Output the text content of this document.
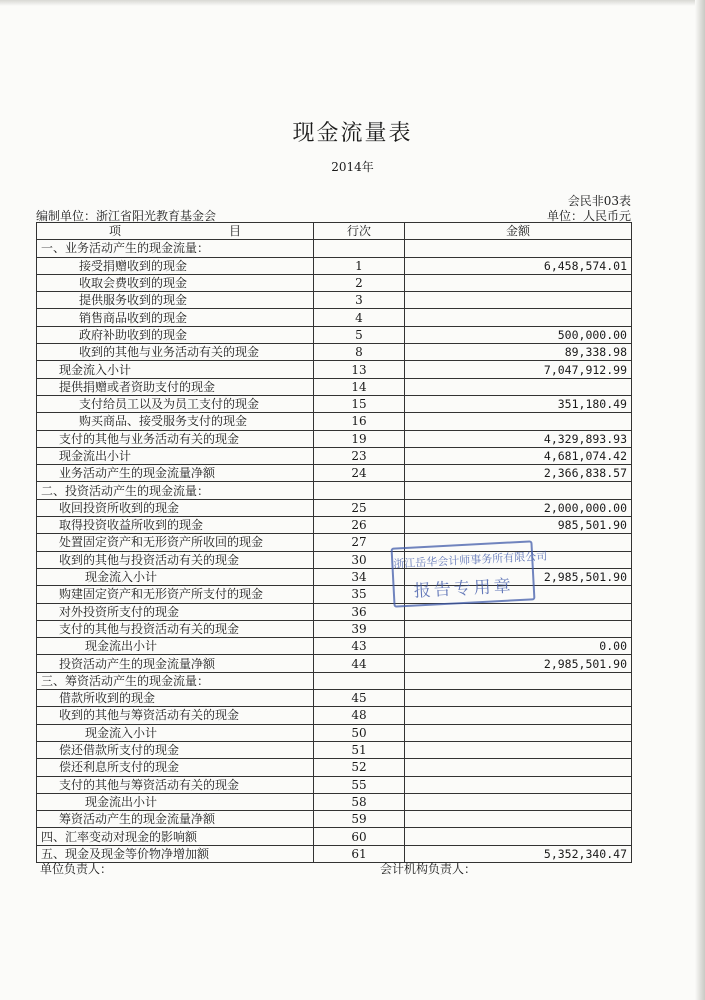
现金流量表
2014年
会民非03表
编制单位：浙江省阳光教育基金会	单位：人民币元
项　　　　　　　　　目	行次	金额
一、业务活动产生的现金流量：		
接受捐赠收到的现金	1	6,458,574.01
收取会费收到的现金	2	
提供服务收到的现金	3	
销售商品收到的现金	4	
政府补助收到的现金	5	500,000.00
收到的其他与业务活动有关的现金	8	89,338.98
现金流入小计	13	7,047,912.99
提供捐赠或者资助支付的现金	14	
支付给员工以及为员工支付的现金	15	351,180.49
购买商品、接受服务支付的现金	16	
支付的其他与业务活动有关的现金	19	4,329,893.93
现金流出小计	23	4,681,074.42
业务活动产生的现金流量净额	24	2,366,838.57
二、投资活动产生的现金流量：		
收回投资所收到的现金	25	2,000,000.00
取得投资收益所收到的现金	26	985,501.90
处置固定资产和无形资产所收回的现金	27	
收到的其他与投资活动有关的现金	30	
现金流入小计	34	2,985,501.90
购建固定资产和无形资产所支付的现金	35	
对外投资所支付的现金	36	
支付的其他与投资活动有关的现金	39	
现金流出小计	43	0.00
投资活动产生的现金流量净额	44	2,985,501.90
三、筹资活动产生的现金流量：		
借款所收到的现金	45	
收到的其他与筹资活动有关的现金	48	
现金流入小计	50	
偿还借款所支付的现金	51	
偿还利息所支付的现金	52	
支付的其他与筹资活动有关的现金	55	
现金流出小计	58	
筹资活动产生的现金流量净额	59	
四、汇率变动对现金的影响额	60	
五、现金及现金等价物净增加额	61	5,352,340.47
浙江岳华会计师事务所有限公司
报告专用章
单位负责人：	会计机构负责人：
